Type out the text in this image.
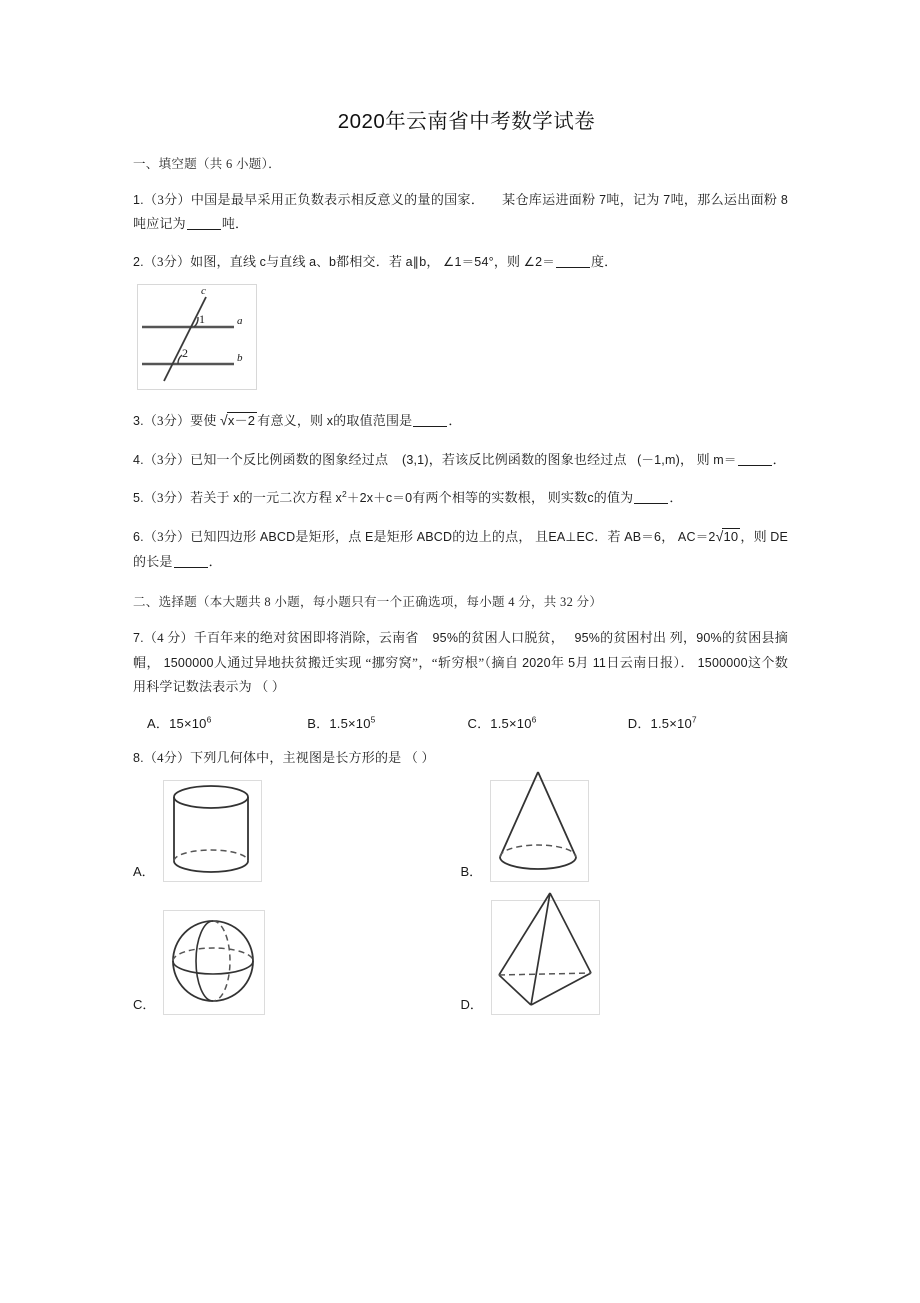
2020年云南省中考数学试卷
一、填空题（共 6 小题）．

1.（3分）中国是最早采用正负数表示相反意义的量的国家． 某仓库运进面粉 7吨，记为 7吨，那么运出面粉 8吨应记为	吨．

2.（3分）如图，直线 c与直线 a、b都相交．若 a∥b， ∠1＝54°，则 ∠2＝	度．

c
a
b
1
2

3.（3分）要使 √x－2 有意义，则 x的取值范围是	．

4.（3分）已知一个反比例函数的图象经过点 (3,1)，若该反比例函数的图象也经过点 (－1,m)， 则 m＝	．

5.（3分）若关于 x的一元二次方程 $x^2+2x+c=0$有两个相等的实数根， 则实数c的值为	．

6.（3分）已知四边形 ABCD是矩形，点 E是矩形 ABCD的边上的点， 且EA⊥EC．若 AB＝6， AC＝2√10 ，则 DE的长是	．

二、选择题（本大题共 8 小题，每小题只有一个正确选项，每小题 4 分，共 32 分）

7.（4 分）千百年来的绝对贫困即将消除，云南省 95%的贫困人口脱贫， 95%的贫困村出 列，90%的贫困县摘帽， 1500000人通过异地扶贫搬迁实现 “挪穷窝”，“斩穷根”（摘自 2020年 5月 11日云南日报）． 1500000这个数用科学记数法表示为 （ ）

A．$15\times 10^6$	B．$1.5\times 10^5$	C．$1.5\times 10^6$	D．$1.5\times 10^7$

8.（4分）下列几何体中，主视图是长方形的是 （ ）

A．	B．
C．	D．
